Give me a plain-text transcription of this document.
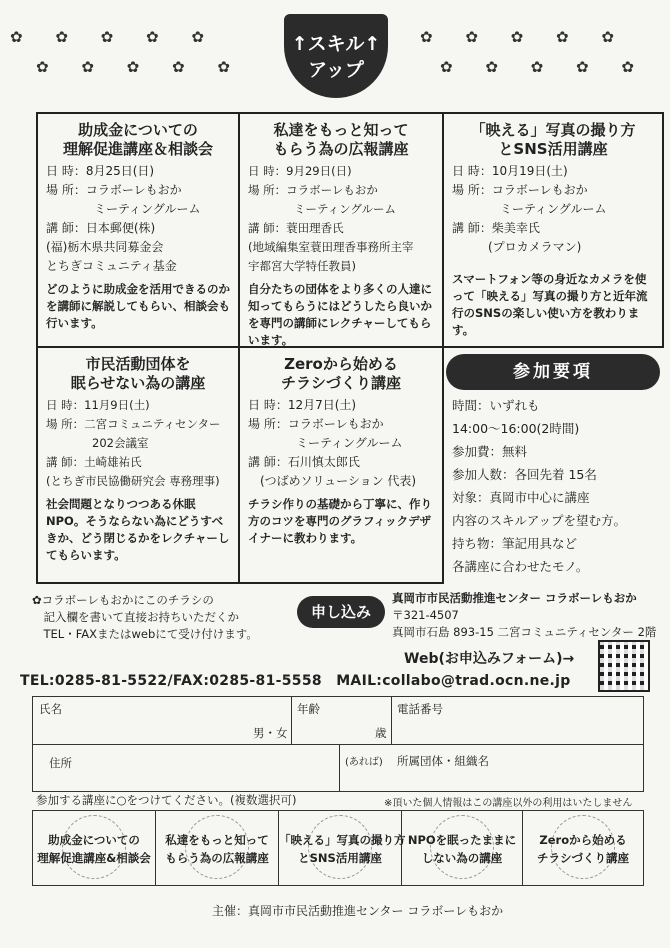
✿ ✿ ✿ ✿ ✿
✿ ✿ ✿ ✿ ✿
✿ ✿ ✿ ✿ ✿
✿ ✿ ✿ ✿ ✿
↑スキル↑
アップ
助成金についての
理解促進講座＆相談会
日 時：8月25日(日)
場 所：コラボーレもおか
　　　　ミーティングルーム
講 師：日本郵便(株)
(福)栃木県共同募金会
とちぎコミュニティ基金
どのように助成金を活用できるのかを講師に解説してもらい、相談会も行います。
私達をもっと知って
もらう為の広報講座
日 時：9月29日(日)
場 所：コラボーレもおか
　　　　ミーティングルーム
講 師：蓑田理香氏
(地域編集室蓑田理香事務所主宰
宇都宮大学特任教員)
自分たちの団体をより多くの人達に知ってもらうにはどうしたら良いかを専門の講師にレクチャーしてもらいます。
「映える」写真の撮り方
とSNS活用講座
日 時：10月19日(土)
場 所：コラボーレもおか
　　　　ミーティングルーム
講 師：柴美幸氏
　　　(プロカメラマン)
スマートフォン等の身近なカメラを使って「映える」写真の撮り方と近年流行のSNSの楽しい使い方を教わります。
市民活動団体を
眠らせない為の講座
日 時：11月9日(土)
場 所：二宮コミュニティセンター
　　　　202会議室
講 師：土崎雄祐氏
(とちぎ市民協働研究会 専務理事)
社会問題となりつつある休眠NPO。そうならない為にどうすべきか、どう閉じるかをレクチャーしてもらいます。
Zeroから始める
チラシづくり講座
日 時：12月7日(土)
場 所：コラボーレもおか
　　　　ミーティングルーム
講 師：石川慎太郎氏
　(つばめソリューション 代表)
チラシ作りの基礎から丁寧に、作り方のコツを専門のグラフィックデザイナーに教わります。
参加要項
時間：いずれも
14:00～16:00(2時間)
参加費：無料
参加人数：各回先着 15名
対象：真岡市中心に講座
内容のスキルアップを望む方。
持ち物：筆記用具など
各講座に合わせたモノ。
✿コラボーレもおかにこのチラシの
　記入欄を書いて直接お持ちいただくか
　TEL・FAXまたはwebにて受け付けます。
申し込み
真岡市市民活動推進センター コラボーレもおか
〒321-4507
真岡市石島 893-15 二宮コミュニティセンター 2階
Web(お申込みフォーム)→
TEL:0285-81-5522/FAX:0285-81-5558　MAIL:collabo@trad.ocn.ne.jp
氏名
男・女
年齢
歳
電話番号
住所	(あれば) 所属団体・組織名
参加する講座に○をつけてください。(複数選択可)	※頂いた個人情報はこの講座以外の利用はいたしません
助成金についての
理解促進講座&相談会
私達をもっと知って
もらう為の広報講座
「映える」写真の撮り方
とSNS活用講座
NPOを眠ったままに
しない為の講座
Zeroから始める
チラシづくり講座
主催：真岡市市民活動推進センター コラボーレもおか
